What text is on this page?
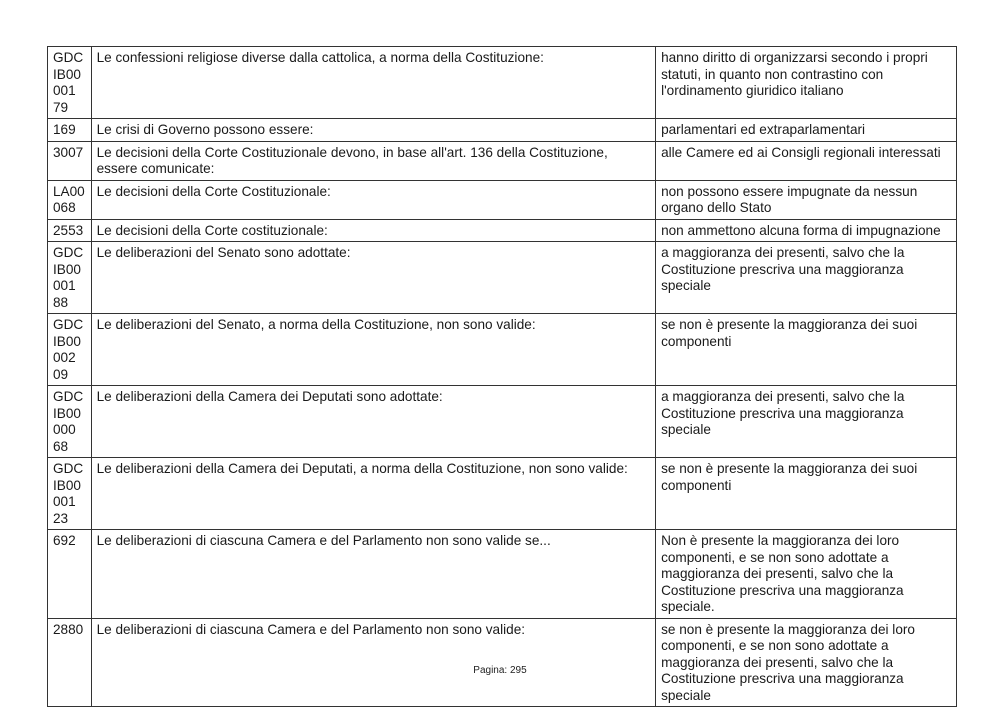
GDCIB00001 79	Le confessioni religiose diverse dalla cattolica, a norma della Costituzione:	hanno diritto di organizzarsi secondo i propri statuti, in quanto non contrastino con l'ordinamento giuridico italiano
169	Le crisi di Governo possono essere:	parlamentari ed extraparlamentari
3007	Le decisioni della Corte Costituzionale devono, in base all'art. 136 della Costituzione, essere comunicate:	alle Camere ed ai Consigli regionali interessati
LA00068	Le decisioni della Corte Costituzionale:	non possono essere impugnate da nessun organo dello Stato
2553	Le decisioni della Corte costituzionale:	non ammettono alcuna forma di impugnazione
GDCIB00001 88	Le deliberazioni del Senato sono adottate:	a maggioranza dei presenti, salvo che la Costituzione prescriva una maggioranza speciale
GDCIB00002 09	Le deliberazioni del Senato, a norma della Costituzione, non sono valide:	se non è presente la maggioranza dei suoi componenti
GDCIB00000 68	Le deliberazioni della Camera dei Deputati sono adottate:	a maggioranza dei presenti, salvo che la Costituzione prescriva una maggioranza speciale
GDCIB00001 23	Le deliberazioni della Camera dei Deputati, a norma della Costituzione, non sono valide:	se non è presente la maggioranza dei suoi componenti
692	Le deliberazioni di ciascuna Camera e del Parlamento non sono valide se...	Non è presente la maggioranza dei loro componenti, e se non sono adottate a maggioranza dei presenti, salvo che la Costituzione prescriva una maggioranza speciale.
2880	Le deliberazioni di ciascuna Camera e del Parlamento non sono valide:	se non è presente la maggioranza dei loro componenti, e se non sono adottate a maggioranza dei presenti, salvo che la Costituzione prescriva una maggioranza speciale
Pagina: 295
